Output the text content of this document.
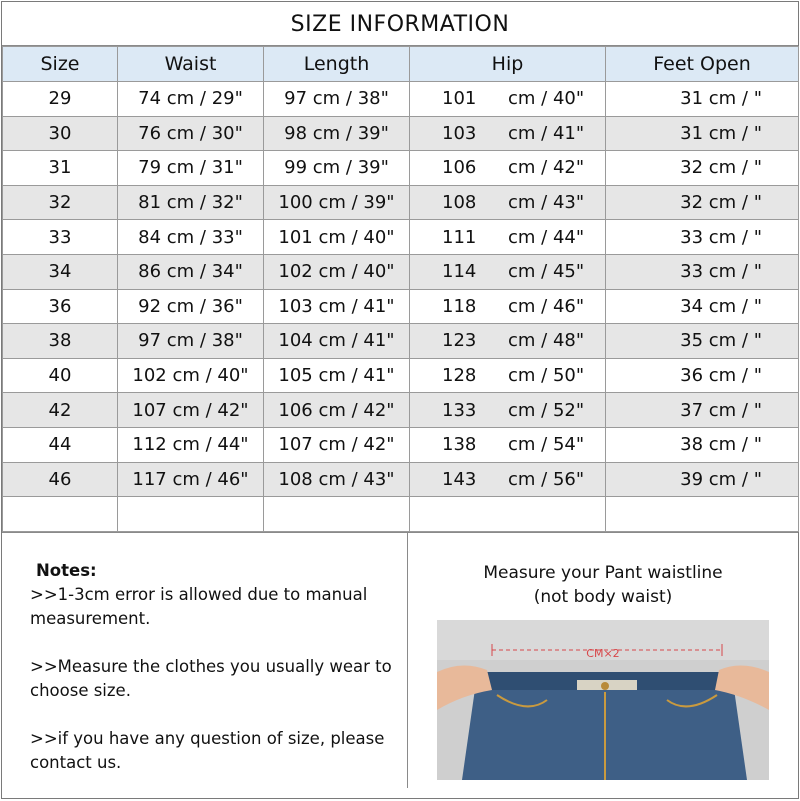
SIZE INFORMATION
Size	Waist	Length	Hip	Feet Open
29	74 cm / 29"	97 cm / 38"	101 cm / 40"	31 cm / "
30	76 cm / 30"	98 cm / 39"	103 cm / 41"	31 cm / "
31	79 cm / 31"	99 cm / 39"	106 cm / 42"	32 cm / "
32	81 cm / 32"	100 cm / 39"	108 cm / 43"	32 cm / "
33	84 cm / 33"	101 cm / 40"	111 cm / 44"	33 cm / "
34	86 cm / 34"	102 cm / 40"	114 cm / 45"	33 cm / "
36	92 cm / 36"	103 cm / 41"	118 cm / 46"	34 cm / "
38	97 cm / 38"	104 cm / 41"	123 cm / 48"	35 cm / "
40	102 cm / 40"	105 cm / 41"	128 cm / 50"	36 cm / "
42	107 cm / 42"	106 cm / 42"	133 cm / 52"	37 cm / "
44	112 cm / 44"	107 cm / 42"	138 cm / 54"	38 cm / "
46	117 cm / 46"	108 cm / 43"	143 cm / 56"	39 cm / "

Notes:

>>1-3cm error is allowed due to manual measurement.

>>Measure the clothes you usually wear to choose size.

>>if you have any question of size, please contact us.

Measure your Pant waistline
(not body waist)
CM×2
